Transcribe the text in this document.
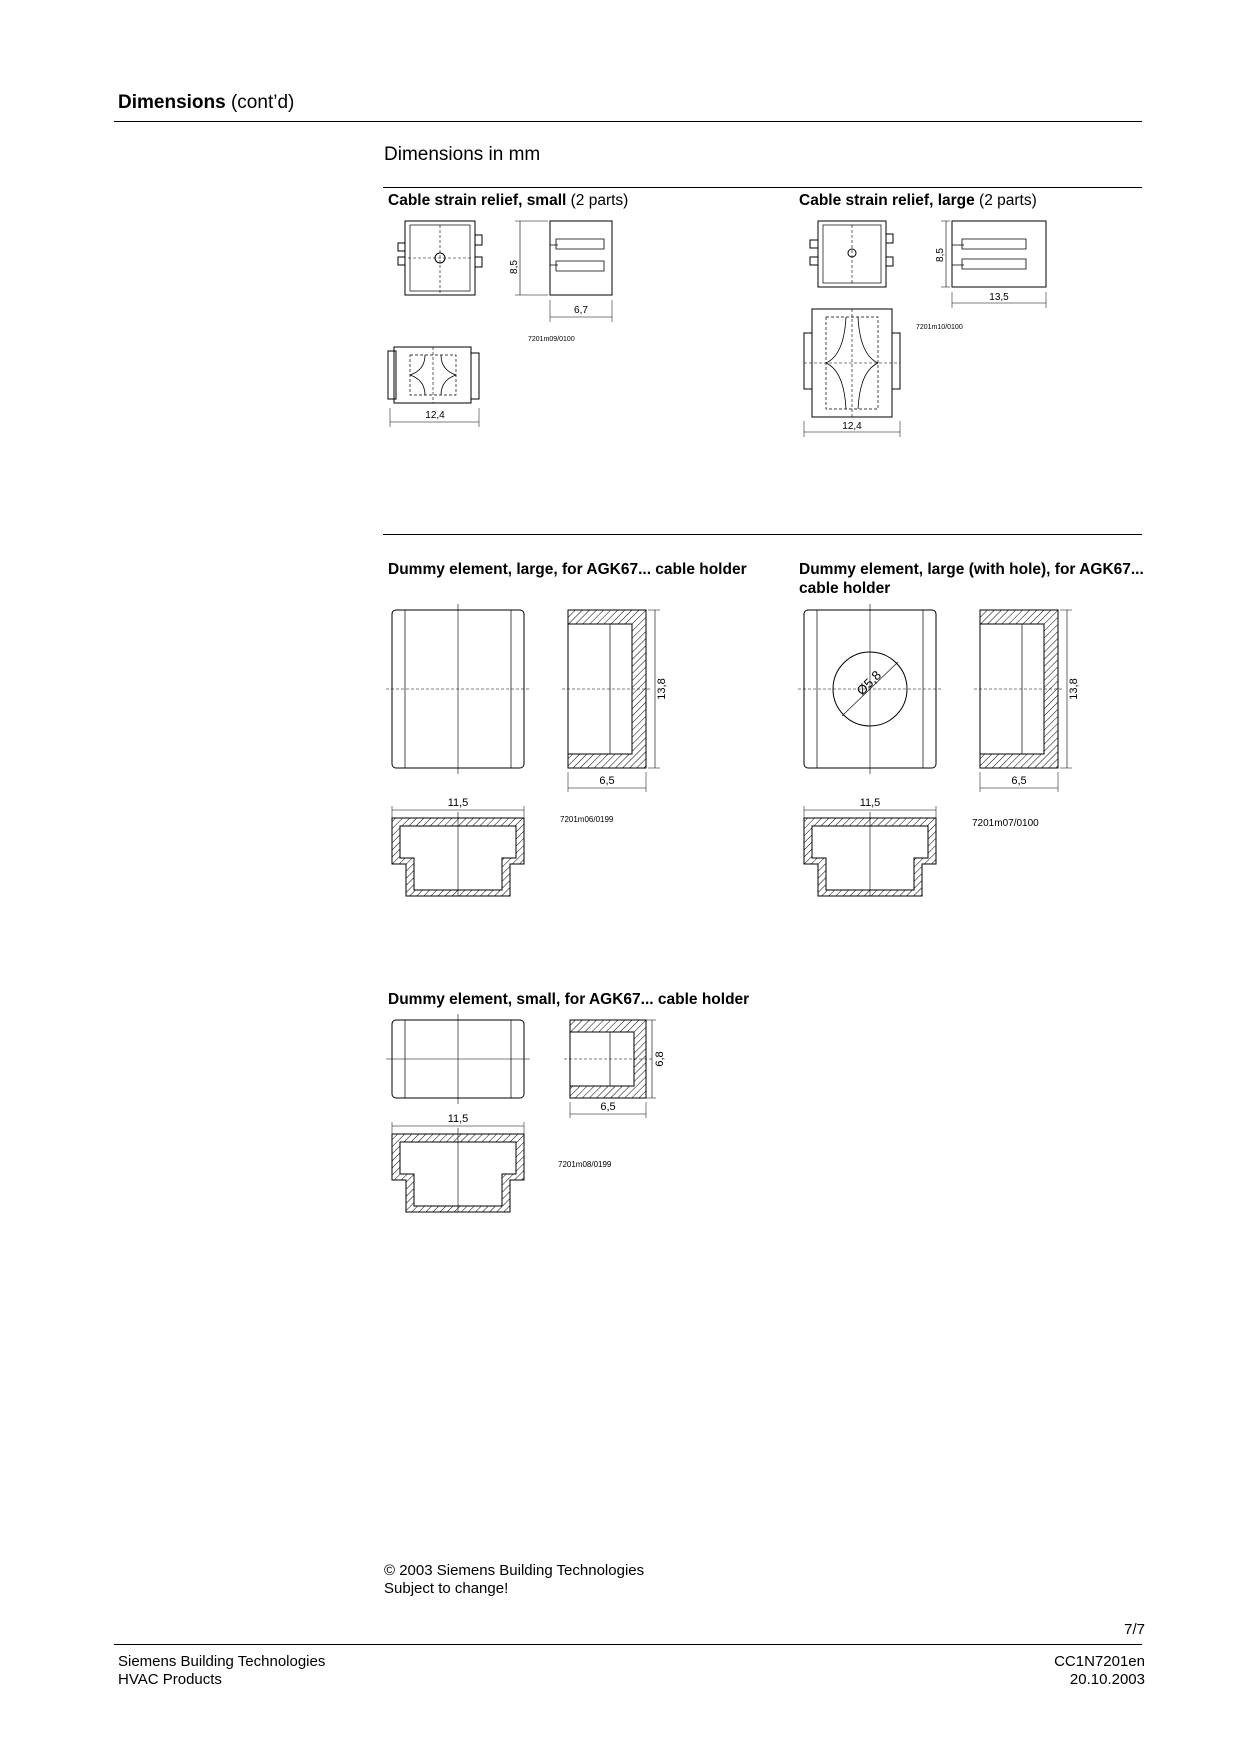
Dimensions (cont’d)
Dimensions in mm
Cable strain relief, small (2 parts)	Cable strain relief, large (2 parts)
8,5
6,7
7201m09/0100
12,4
8,5
13,5
7201m10/0100
12,4
Dummy element, large, for AGK67... cable holder	Dummy element, large (with hole), for AGK67...
cable holder
13,8
6,5
11,5
7201m06/0199
Ø5,8	13,8
6,5
11,5
7201m07/0100
Dummy element, small, for AGK67... cable holder
6,8
6,5
11,5
7201m08/0199
© 2003 Siemens Building Technologies
Subject to change!
7/7
Siemens Building Technologies
HVAC Products
CC1N7201en
20.10.2003
